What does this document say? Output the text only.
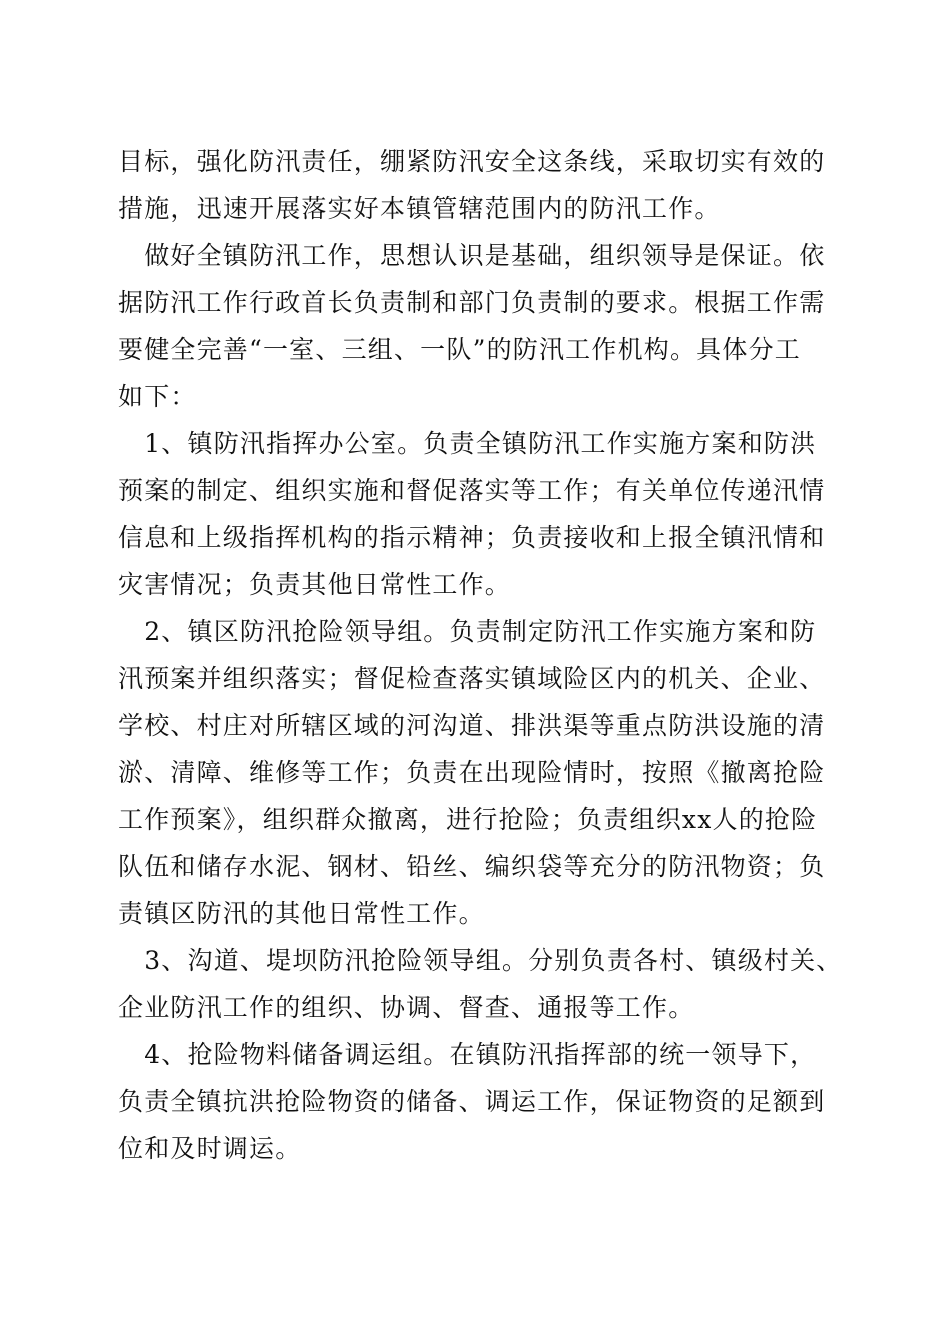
目标，强化防汛责任，绷紧防汛安全这条线，采取切实有效的
措施，迅速开展落实好本镇管辖范围内的防汛工作。
　做好全镇防汛工作，思想认识是基础，组织领导是保证。依
据防汛工作行政首长负责制和部门负责制的要求。根据工作需
要健全完善“一室、三组、一队”的防汛工作机构。具体分工
如下：
　1、镇防汛指挥办公室。负责全镇防汛工作实施方案和防洪
预案的制定、组织实施和督促落实等工作；有关单位传递汛情
信息和上级指挥机构的指示精神；负责接收和上报全镇汛情和
灾害情况；负责其他日常性工作。
　2、镇区防汛抢险领导组。负责制定防汛工作实施方案和防
汛预案并组织落实；督促检查落实镇域险区内的机关、企业、
学校、村庄对所辖区域的河沟道、排洪渠等重点防洪设施的清
淤、清障、维修等工作；负责在出现险情时，按照《撤离抢险
工作预案》，组织群众撤离，进行抢险；负责组织xx人的抢险
队伍和储存水泥、钢材、铅丝、编织袋等充分的防汛物资；负
责镇区防汛的其他日常性工作。
　3、沟道、堤坝防汛抢险领导组。分别负责各村、镇级村关、
企业防汛工作的组织、协调、督查、通报等工作。
　4、抢险物料储备调运组。在镇防汛指挥部的统一领导下，
负责全镇抗洪抢险物资的储备、调运工作，保证物资的足额到
位和及时调运。
